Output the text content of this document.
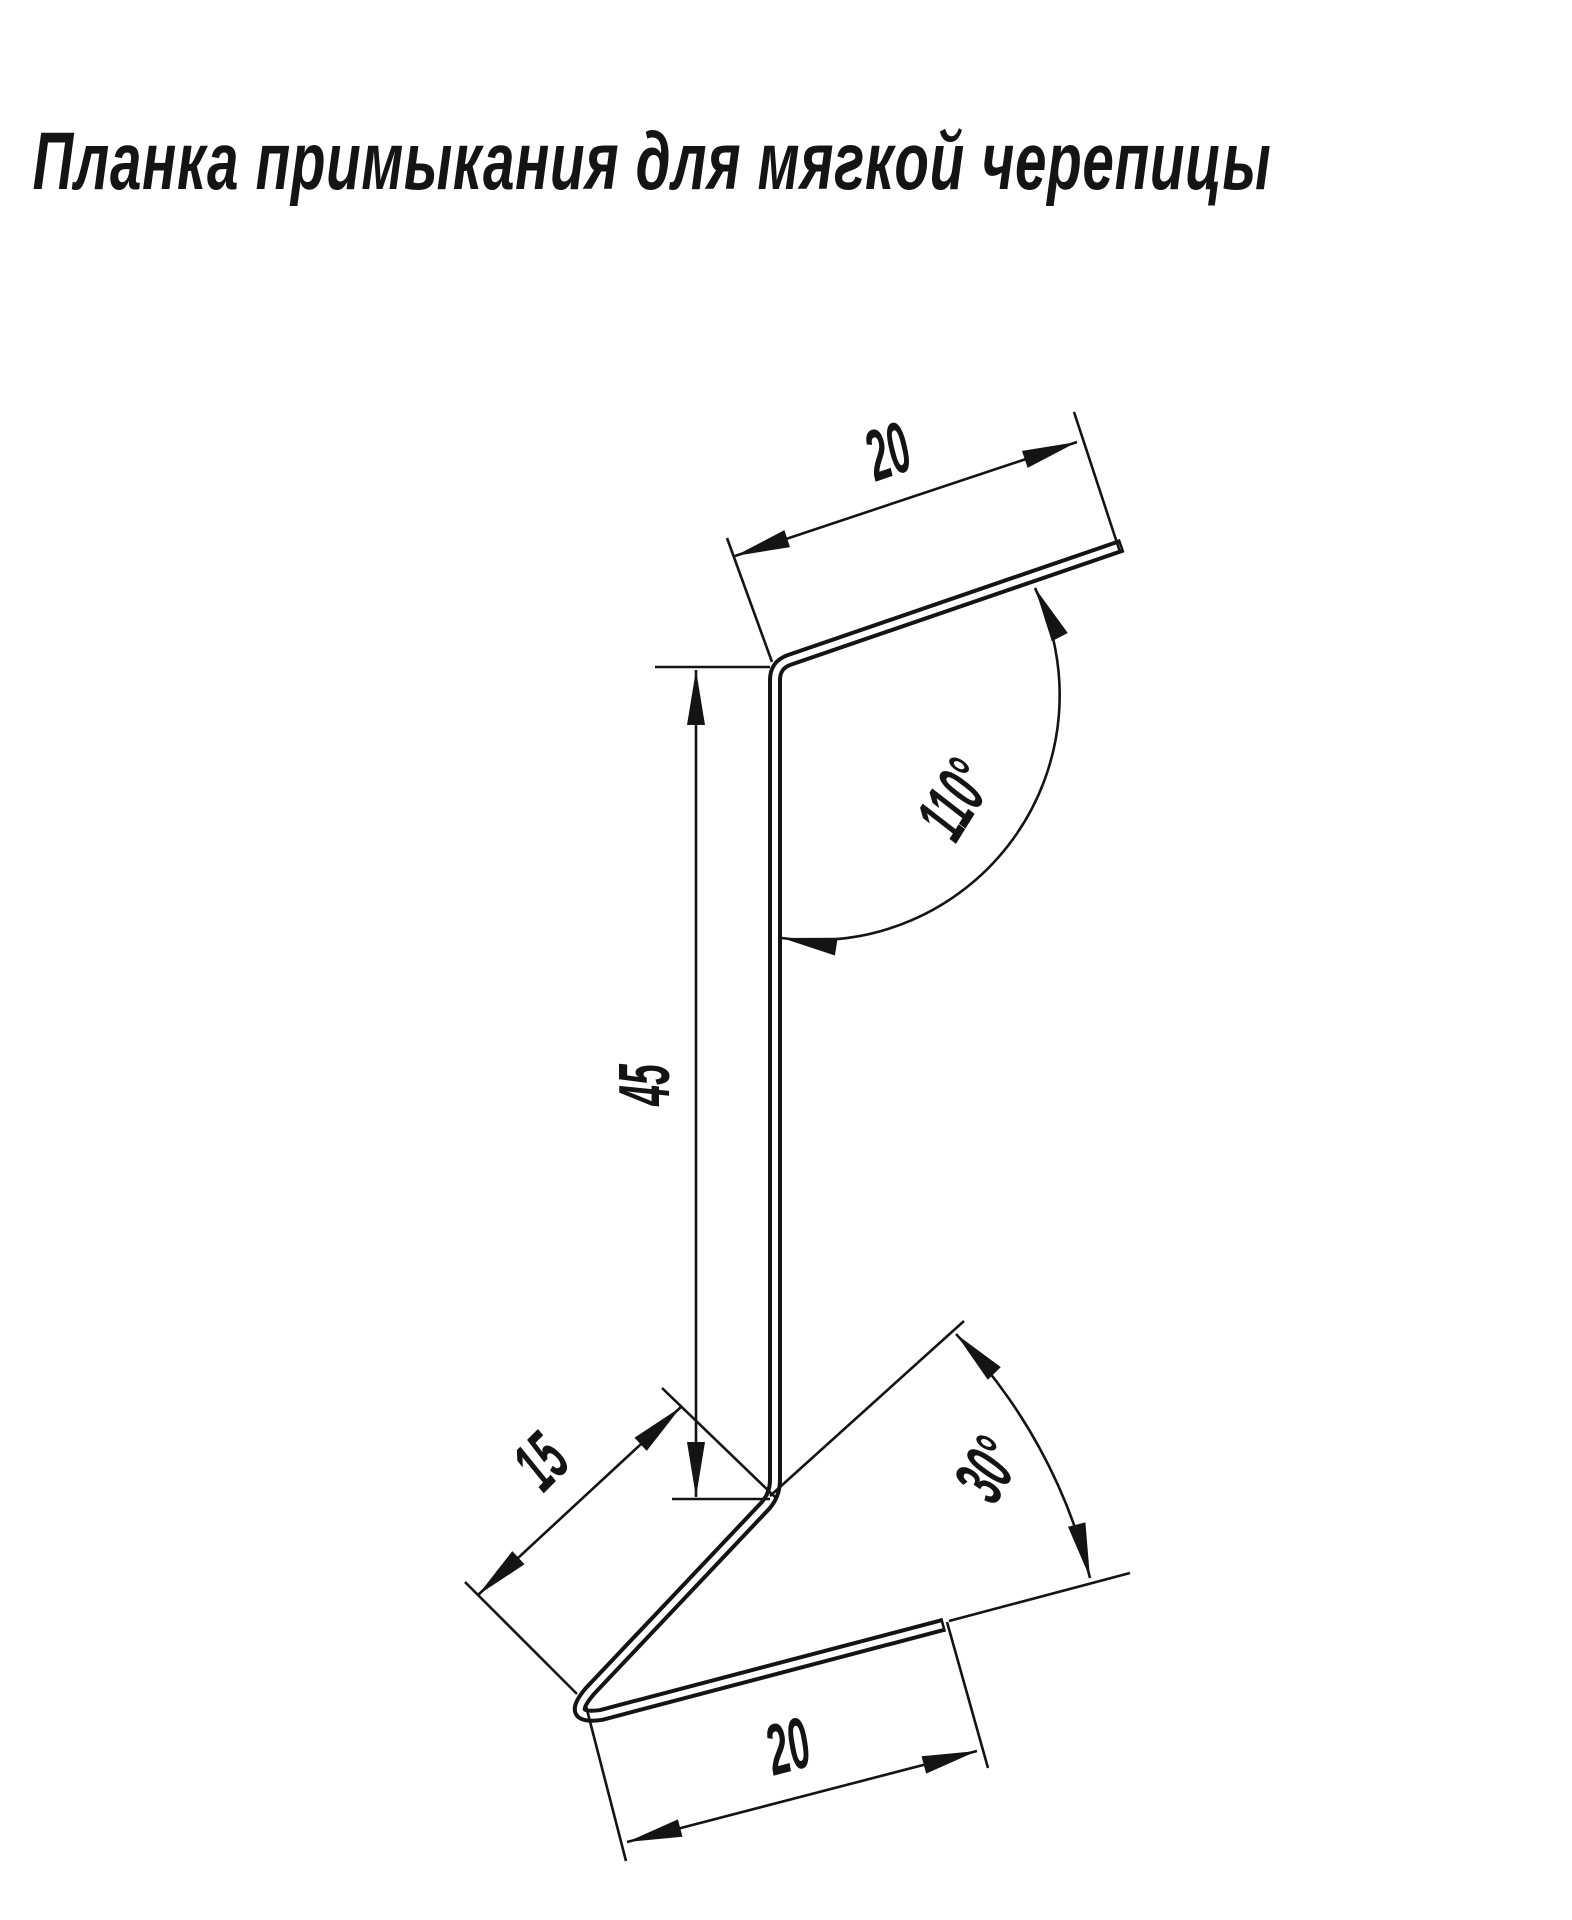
Планка примыкания для мягкой черепицы
20
110°
45
15	30°
20
